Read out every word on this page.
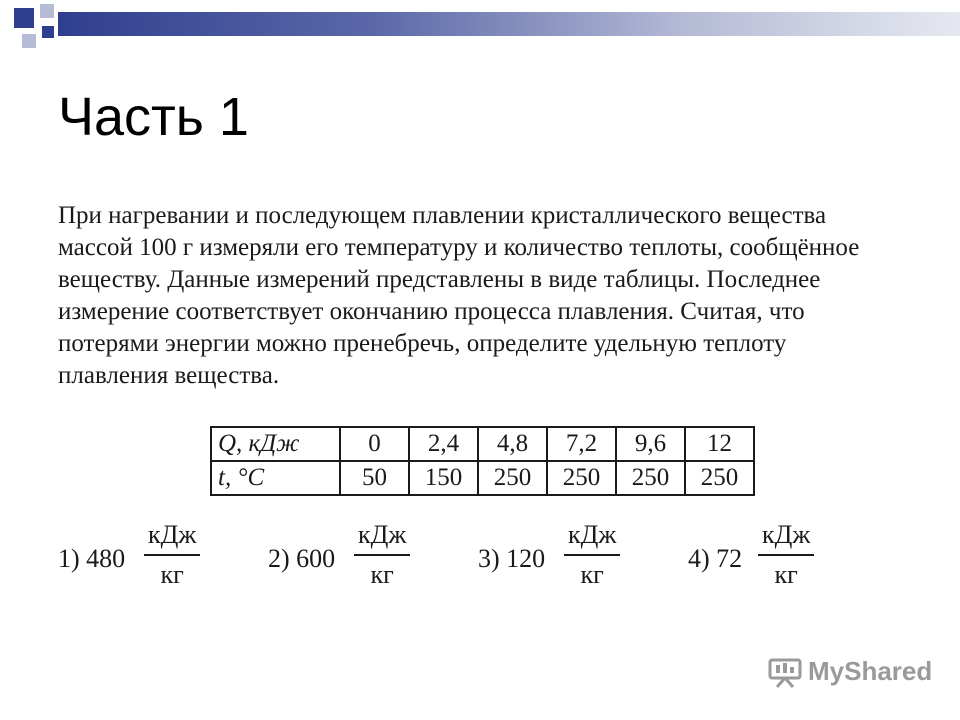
Часть 1
При нагревании и последующем плавлении кристаллического вещества
массой 100 г измеряли его температуру и количество теплоты, сообщённое
веществу. Данные измерений представлены в виде таблицы. Последнее
измерение соответствует окончанию процесса плавления. Считая, что
потерями энергии можно пренебречь, определите удельную теплоту
плавления вещества.
Q, кДж	0	2,4	4,8	7,2	9,6	12
t, °С	50	150	250	250	250	250
1) 480
кДж
кг
2) 600
кДж
кг
3) 120
кДж
кг
4) 72
кДж
кг
MyShared
